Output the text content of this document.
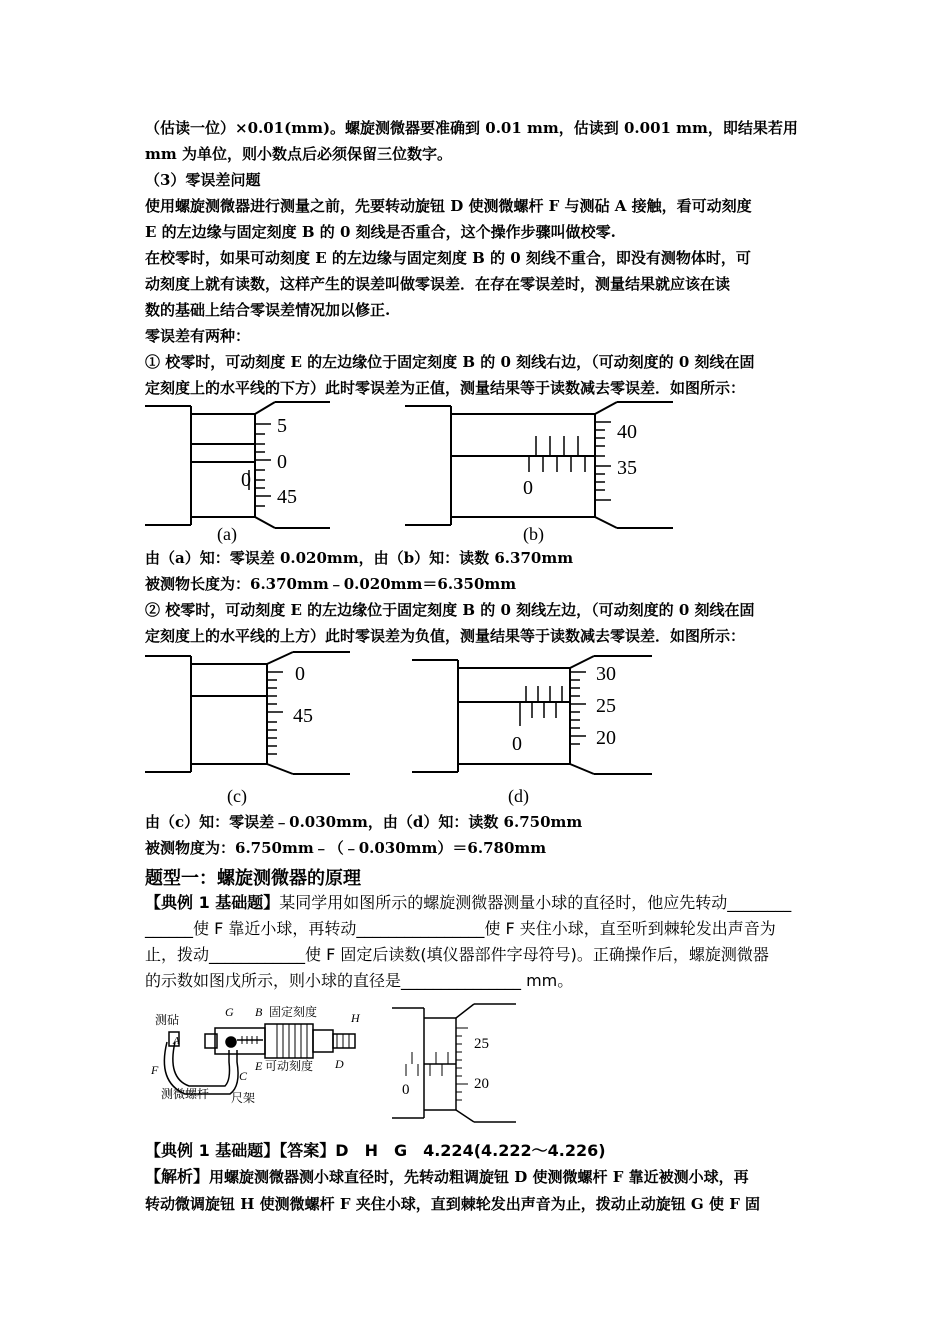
（估读一位）×0.01(mm)。螺旋测微器要准确到 0.01 mm，估读到 0.001 mm，即结果若用
mm 为单位，则小数点后必须保留三位数字。
（3）零误差问题
使用螺旋测微器进行测量之前，先要转动旋钮 D 使测微螺杆 F 与测砧 A 接触，看可动刻度
E 的左边缘与固定刻度 B 的 0 刻线是否重合，这个操作步骤叫做校零.
在校零时，如果可动刻度 E 的左边缘与固定刻度 B 的 0 刻线不重合，即没有测物体时，可
动刻度上就有读数，这样产生的误差叫做零误差．在存在零误差时，测量结果就应该在读
数的基础上结合零误差情况加以修正.
零误差有两种：
① 校零时，可动刻度 E 的左边缘位于固定刻度 B 的 0 刻线右边，（可动刻度的 0 刻线在固
定刻度上的水平线的下方）此时零误差为正值，测量结果等于读数减去零误差．如图所示：
5
0
45
0
(a)
40
35
0
(b)
由（a）知：零误差 0.020mm，由（b）知：读数 6.370mm
被测物长度为：6.370mm﹣0.020mm＝6.350mm
② 校零时，可动刻度 E 的左边缘位于固定刻度 B 的 0 刻线左边，（可动刻度的 0 刻线在固
定刻度上的水平线的上方）此时零误差为负值，测量结果等于读数减去零误差．如图所示：
0
45
(c)
30
25
20
0
(d)
由（c）知：零误差﹣0.030mm，由（d）知：读数 6.750mm
被测物度为：6.750mm﹣（﹣0.030mm）＝6.780mm
题型一：螺旋测微器的原理
【典例 1 基础题】某同学用如图所示的螺旋测微器测量小球的直径时，他应先转动________
______使 F 靠近小球，再转动________________使 F 夹住小球，直至听到棘轮发出声音为
止，拨动____________使 F 固定后读数(填仪器部件字母符号)。正确操作后，螺旋测微器
的示数如图戊所示，则小球的直径是_______________ mm。
测砧
A
G B 固定刻度	H
F	C
E 可动刻度 D
测微螺杆 尺架
25
20
0
【典例 1 基础题】【答案】D　H　G　4.224(4.222～4.226)
【解析】用螺旋测微器测小球直径时，先转动粗调旋钮 D 使测微螺杆 F 靠近被测小球，再
转动微调旋钮 H 使测微螺杆 F 夹住小球，直到棘轮发出声音为止，拨动止动旋钮 G 使 F 固
